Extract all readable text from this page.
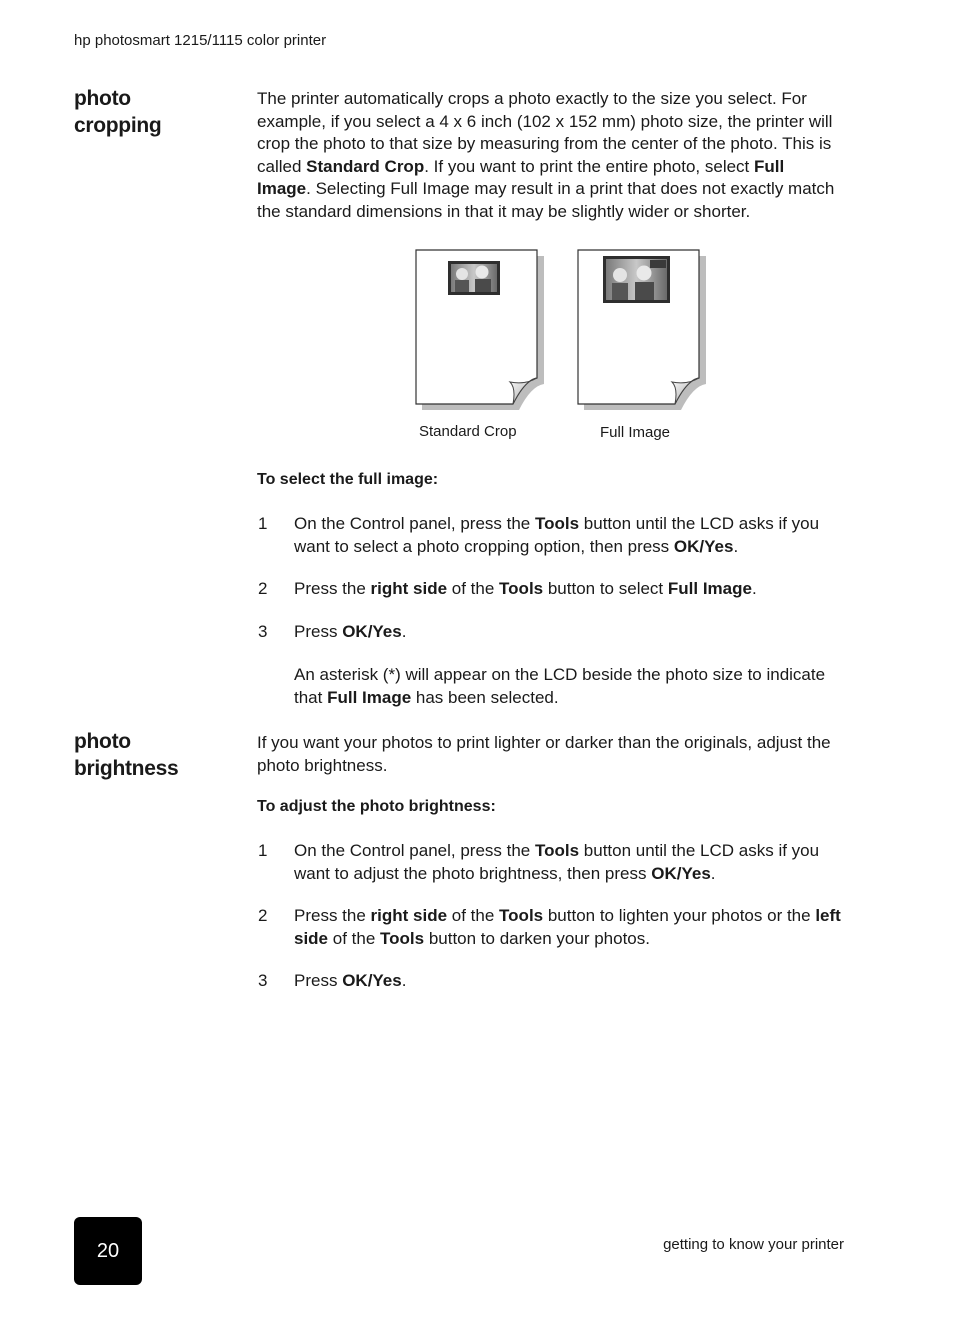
hp photosmart 1215/1115 color printer
photo
cropping

The printer automatically crops a photo exactly to the size you select. For example, if you select a 4 x 6 inch (102 x 152 mm) photo size, the printer will crop the photo to that size by measuring from the center of the photo. This is called Standard Crop. If you want to print the entire photo, select Full Image. Selecting Full Image may result in a print that does not exactly match the standard dimensions in that it may be slightly wider or shorter.

Standard Crop	Full Image
To select the full image:
1 On the Control panel, press the Tools button until the LCD asks if you want to select a photo cropping option, then press OK/Yes.

2 Press the right side of the Tools button to select Full Image.

3 Press OK/Yes.

An asterisk (*) will appear on the LCD beside the photo size to indicate that Full Image has been selected.

photo
brightness

If you want your photos to print lighter or darker than the originals, adjust the photo brightness.

To adjust the photo brightness:
1 On the Control panel, press the Tools button until the LCD asks if you want to adjust the photo brightness, then press OK/Yes.

2 Press the right side of the Tools button to lighten your photos or the left side of the Tools button to darken your photos.

3 Press OK/Yes.

20	getting to know your printer
